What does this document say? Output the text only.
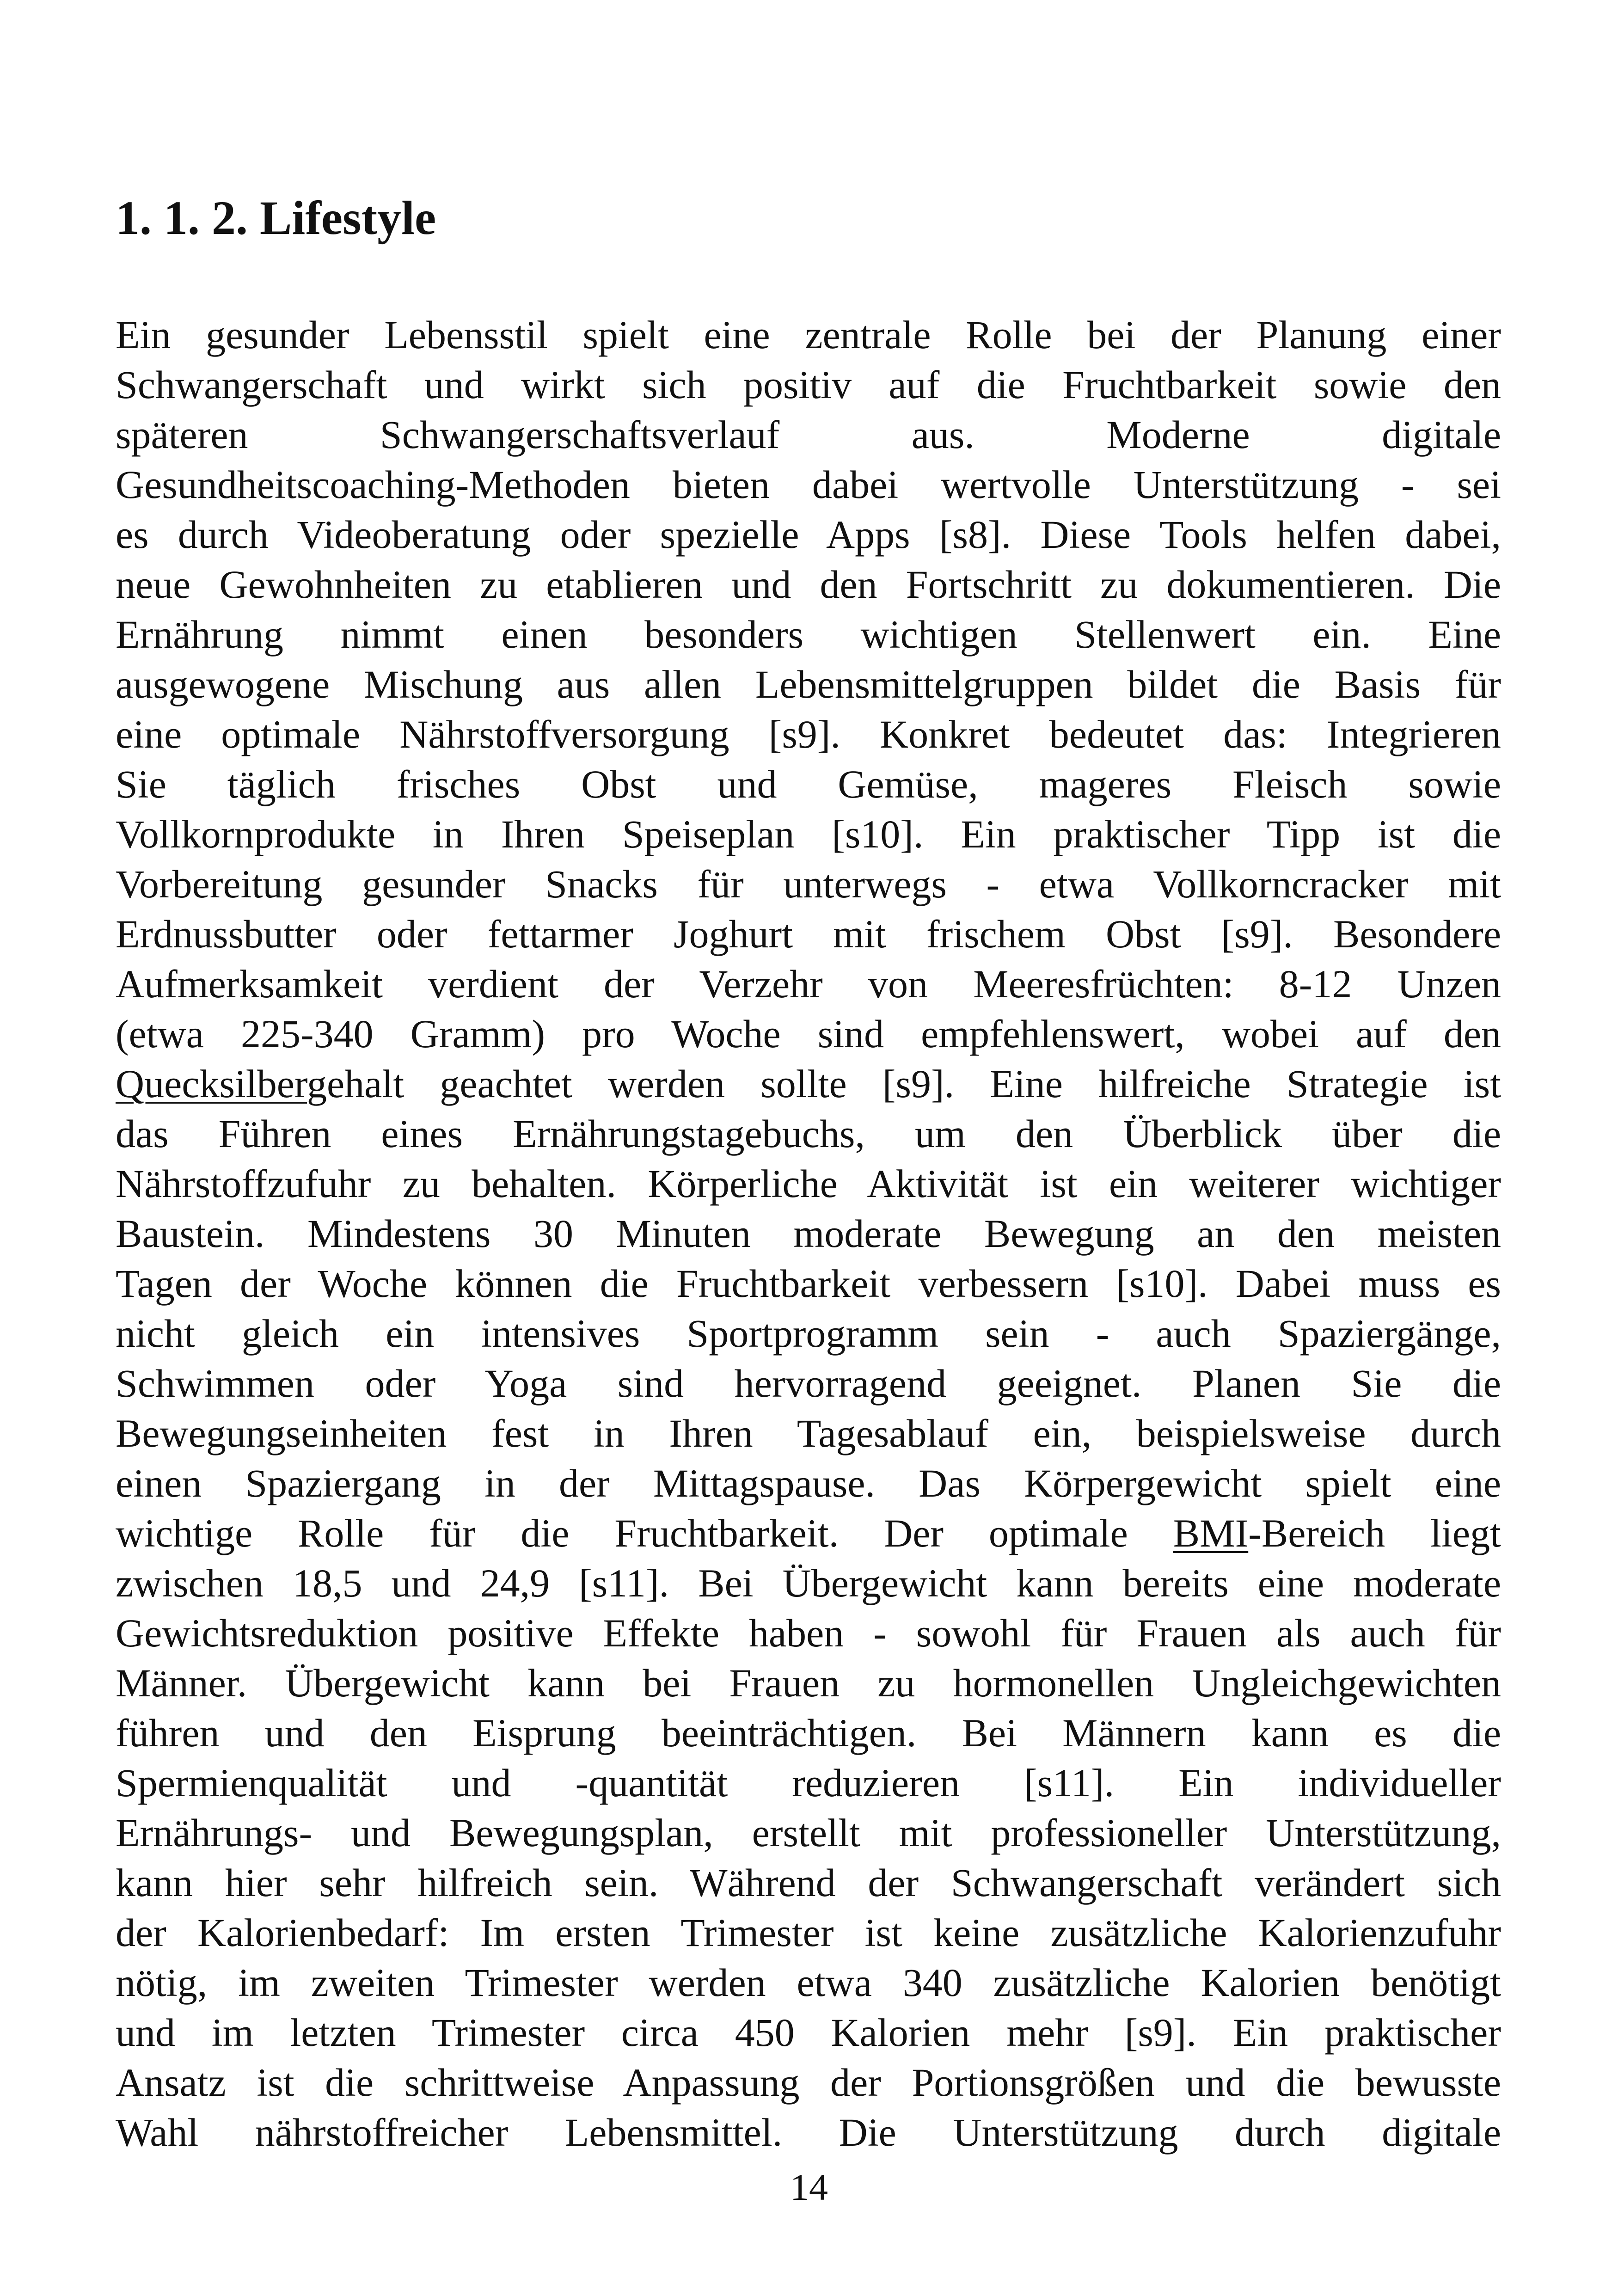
1. 1. 2. Lifestyle
Ein gesunder Lebensstil spielt eine zentrale Rolle bei der Planung einer
Schwangerschaft und wirkt sich positiv auf die Fruchtbarkeit sowie den
späteren Schwangerschaftsverlauf aus. Moderne digitale
Gesundheitscoaching-Methoden bieten dabei wertvolle Unterstützung - sei
es durch Videoberatung oder spezielle Apps [s8]. Diese Tools helfen dabei,
neue Gewohnheiten zu etablieren und den Fortschritt zu dokumentieren. Die
Ernährung nimmt einen besonders wichtigen Stellenwert ein. Eine
ausgewogene Mischung aus allen Lebensmittelgruppen bildet die Basis für
eine optimale Nährstoffversorgung [s9]. Konkret bedeutet das: Integrieren
Sie täglich frisches Obst und Gemüse, mageres Fleisch sowie
Vollkornprodukte in Ihren Speiseplan [s10]. Ein praktischer Tipp ist die
Vorbereitung gesunder Snacks für unterwegs - etwa Vollkorncracker mit
Erdnussbutter oder fettarmer Joghurt mit frischem Obst [s9]. Besondere
Aufmerksamkeit verdient der Verzehr von Meeresfrüchten: 8-12 Unzen
(etwa 225-340 Gramm) pro Woche sind empfehlenswert, wobei auf den
Quecksilbergehalt geachtet werden sollte [s9]. Eine hilfreiche Strategie ist
das Führen eines Ernährungstagebuchs, um den Überblick über die
Nährstoffzufuhr zu behalten. Körperliche Aktivität ist ein weiterer wichtiger
Baustein. Mindestens 30 Minuten moderate Bewegung an den meisten
Tagen der Woche können die Fruchtbarkeit verbessern [s10]. Dabei muss es
nicht gleich ein intensives Sportprogramm sein - auch Spaziergänge,
Schwimmen oder Yoga sind hervorragend geeignet. Planen Sie die
Bewegungseinheiten fest in Ihren Tagesablauf ein, beispielsweise durch
einen Spaziergang in der Mittagspause. Das Körpergewicht spielt eine
wichtige Rolle für die Fruchtbarkeit. Der optimale BMI-Bereich liegt
zwischen 18,5 und 24,9 [s11]. Bei Übergewicht kann bereits eine moderate
Gewichtsreduktion positive Effekte haben - sowohl für Frauen als auch für
Männer. Übergewicht kann bei Frauen zu hormonellen Ungleichgewichten
führen und den Eisprung beeinträchtigen. Bei Männern kann es die
Spermienqualität und -quantität reduzieren [s11]. Ein individueller
Ernährungs- und Bewegungsplan, erstellt mit professioneller Unterstützung,
kann hier sehr hilfreich sein. Während der Schwangerschaft verändert sich
der Kalorienbedarf: Im ersten Trimester ist keine zusätzliche Kalorienzufuhr
nötig, im zweiten Trimester werden etwa 340 zusätzliche Kalorien benötigt
und im letzten Trimester circa 450 Kalorien mehr [s9]. Ein praktischer
Ansatz ist die schrittweise Anpassung der Portionsgrößen und die bewusste
Wahl nährstoffreicher Lebensmittel. Die Unterstützung durch digitale
14
